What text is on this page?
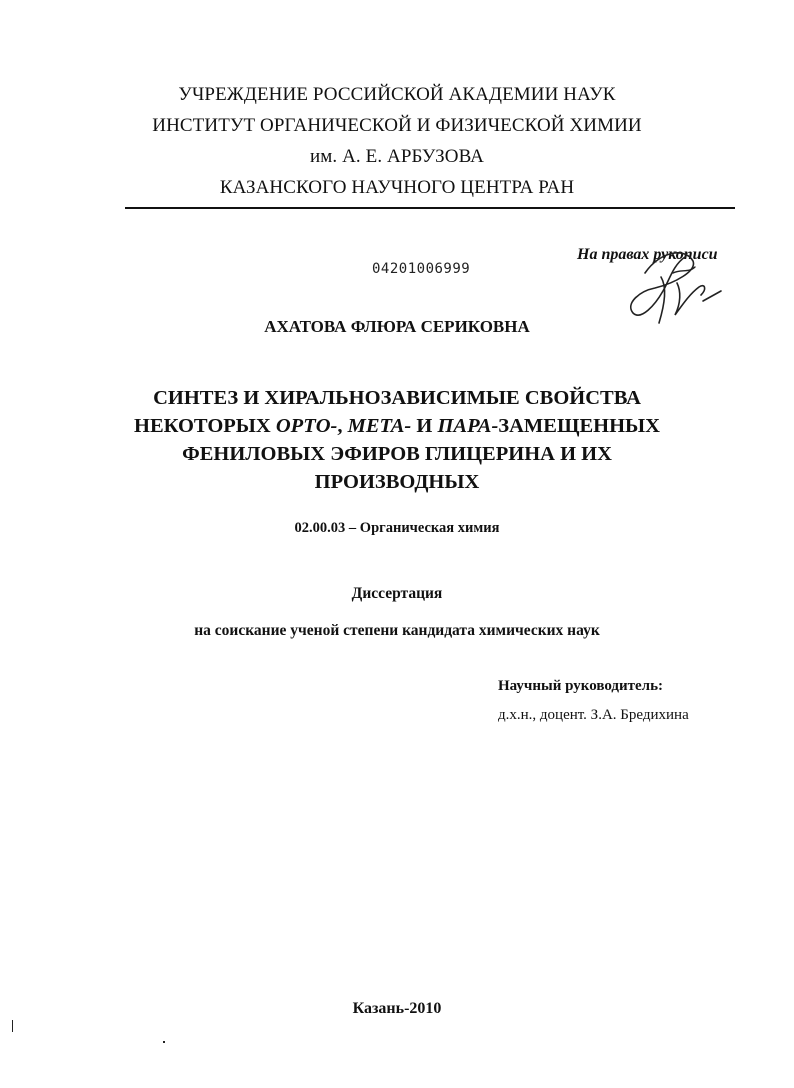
УЧРЕЖДЕНИЕ РОССИЙСКОЙ АКАДЕМИИ НАУК
ИНСТИТУТ ОРГАНИЧЕСКОЙ И ФИЗИЧЕСКОЙ ХИМИИ
им. А. Е. АРБУЗОВА
КАЗАНСКОГО НАУЧНОГО ЦЕНТРА РАН
04201006999
На правах рукописи
АХАТОВА ФЛЮРА СЕРИКОВНА
СИНТЕЗ И ХИРАЛЬНОЗАВИСИМЫЕ СВОЙСТВА
НЕКОТОРЫХ ОРТО-, МЕТА- И ПАРА-ЗАМЕЩЕННЫХ
ФЕНИЛОВЫХ ЭФИРОВ ГЛИЦЕРИНА И ИХ
ПРОИЗВОДНЫХ
02.00.03 – Органическая химия
Диссертация
на соискание ученой степени кандидата химических наук
Научный руководитель:
д.х.н., доцент. З.А. Бредихина
Казань-2010
